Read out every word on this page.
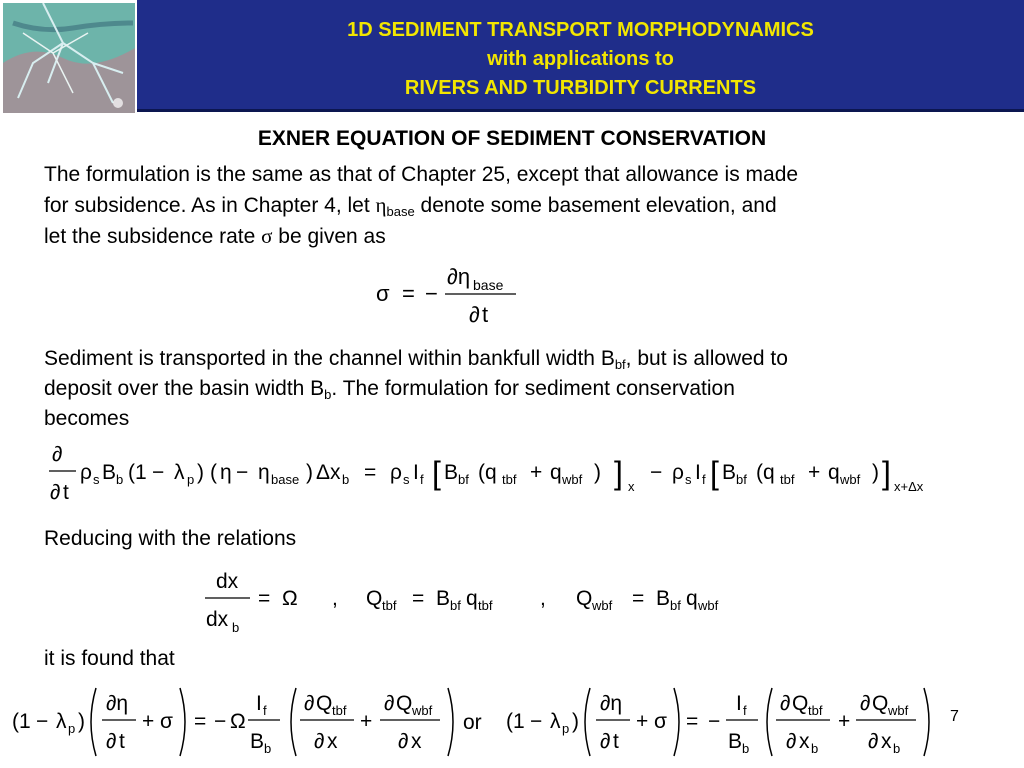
1D SEDIMENT TRANSPORT MORPHODYNAMICS
with applications to
RIVERS AND TURBIDITY CURRENTS
EXNER EQUATION OF SEDIMENT CONSERVATION
The formulation is the same as that of Chapter 25, except that allowance is made
for subsidence. As in Chapter 4, let $\eta_{base}$ denote some basement elevation, and
let the subsidence rate σ be given as
σ = −
∂η base
∂ t
Sediment is transported in the channel within bankfull width $B_{bf}$, but is allowed to
deposit over the basin width $B_b$. The formulation for sediment conservation
becomes
∂
∂ t
ρ s B b (1 − λ p ) ( η − η base ) Δ x b = ρ s I f [ B bf (q tbf + q wbf ) ] x
− ρ s I f [ B bf (q tbf + q wbf ) ] x+Δx
Reducing with the relations
dx
dx b
= Ω , Q tbf = B bf q tbf , Q wbf = B bf q wbf
it is found that
(1 − λ p )
∂η
∂ t
+ σ = − Ω
I f
B b
∂ Q tbf
∂ x
+
∂ Q wbf
∂ x
or (1 − λ p )
∂η
∂ t
+ σ = −
I f
B b
∂ Q tbf
∂ x b
+
∂ Q wbf
∂ x b
7
